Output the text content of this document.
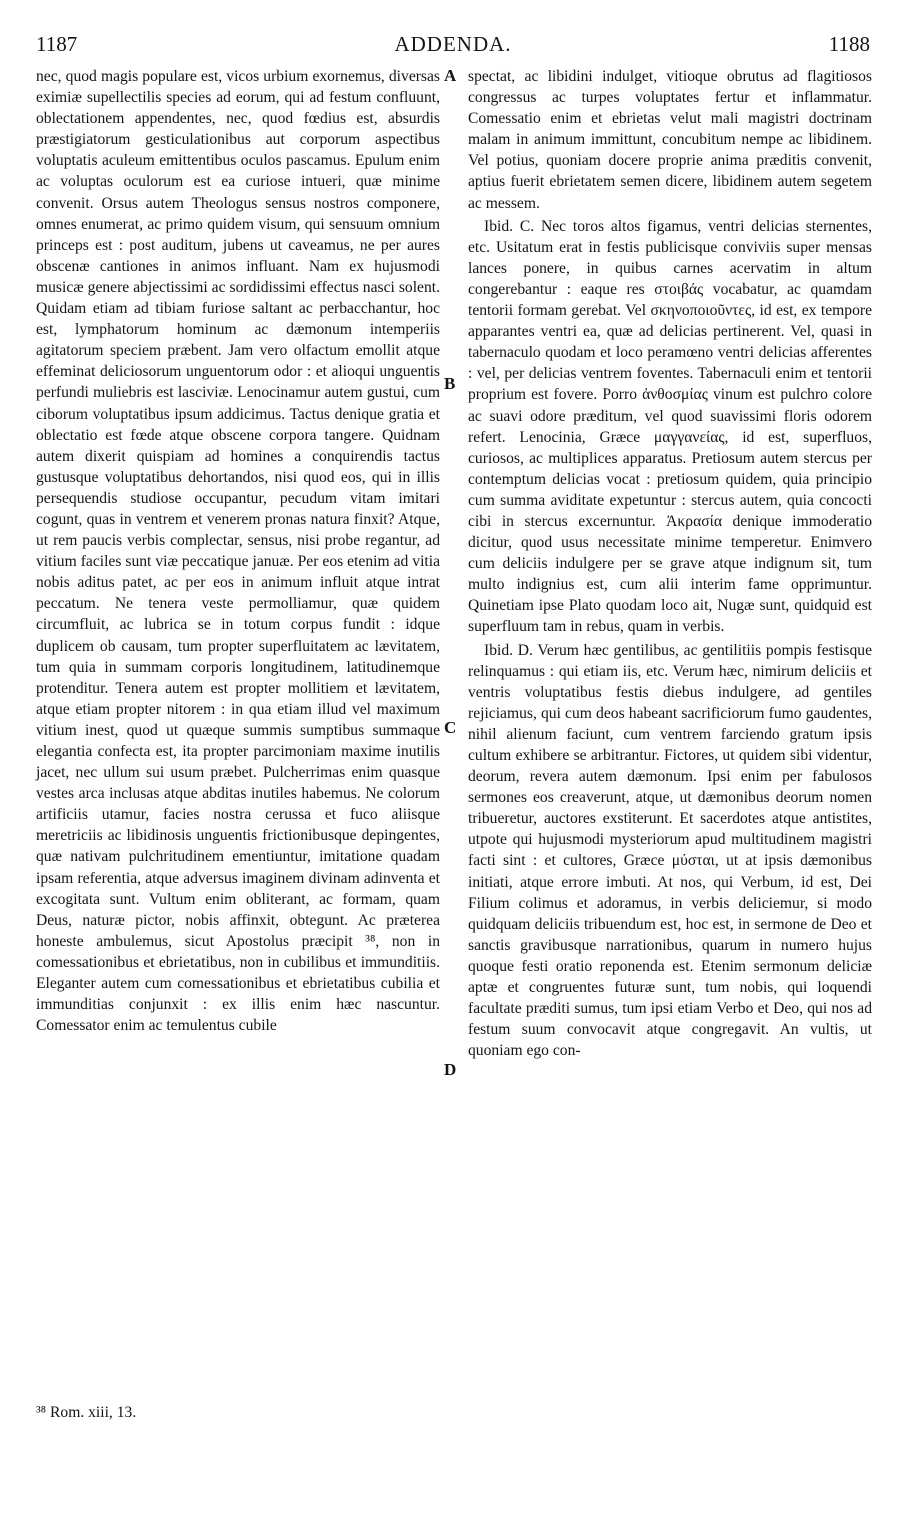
1187	ADDENDA.	1188

nec, quod magis populare est, vicos urbium exornemus, diversas eximiæ supellectilis species ad eorum, qui ad festum confluunt, oblectationem appendentes, nec, quod fœdius est, absurdis præstigiatorum gesticulationibus aut corporum aspectibus voluptatis aculeum emittentibus oculos pascamus. Epulum enim ac voluptas oculorum est ea curiose intueri, quæ minime convenit. Orsus autem Theologus sensus nostros componere, omnes enumerat, ac primo quidem visum, qui sensuum omnium princeps est : post auditum, jubens ut caveamus, ne per aures obscenæ cantiones in animos influant. Nam ex hujusmodi musicæ genere abjectissimi ac sordidissimi effectus nasci solent. Quidam etiam ad tibiam furiose saltant ac perbacchantur, hoc est, lymphatorum hominum ac dæmonum intemperiis agitatorum speciem præbent. Jam vero olfactum emollit atque effeminat deliciosorum unguentorum odor : et alioqui unguentis perfundi muliebris est lasciviæ. Lenocinamur autem gustui, cum ciborum voluptatibus ipsum addicimus. Tactus denique gratia et oblectatio est fœde atque obscene corpora tangere. Quidnam autem dixerit quispiam ad homines a conquirendis tactus gustusque voluptatibus dehortandos, nisi quod eos, qui in illis persequendis studiose occupantur, pecudum vitam imitari cogunt, quas in ventrem et venerem pronas natura finxit? Atque, ut rem paucis verbis complectar, sensus, nisi probe regantur, ad vitium faciles sunt viæ peccatique januæ. Per eos etenim ad vitia nobis aditus patet, ac per eos in animum influit atque intrat peccatum. Ne tenera veste permolliamur, quæ quidem circumfluit, ac lubrica se in totum corpus fundit : idque duplicem ob causam, tum propter superfluitatem ac lævitatem, tum quia in summam corporis longitudinem, latitudinemque protenditur. Tenera autem est propter mollitiem et lævitatem, atque etiam propter nitorem : in qua etiam illud vel maximum vitium inest, quod ut quæque summis sumptibus summaque elegantia confecta est, ita propter parcimoniam maxime inutilis jacet, nec ullum sui usum præbet. Pulcherrimas enim quasque vestes arca inclusas atque abditas inutiles habemus. Ne colorum artificiis utamur, facies nostra cerussa et fuco aliisque meretriciis ac libidinosis unguentis frictionibusque depingentes, quæ nativam pulchritudinem ementiuntur, imitatione quadam ipsam referentia, atque adversus imaginem divinam adinventa et excogitata sunt. Vultum enim obliterant, ac formam, quam Deus, naturæ pictor, nobis affinxit, obtegunt. Ac præterea honeste ambulemus, sicut Apostolus præcipit ³⁸, non in comessationibus et ebrietatibus, non in cubilibus et immunditiis. Eleganter autem cum comessationibus et ebrietatibus cubilia et immunditias conjunxit : ex illis enim hæc nascuntur. Comessator enim ac temulentus cubile

A
B
C
D

spectat, ac libidini indulget, vitioque obrutus ad flagitiosos congressus ac turpes voluptates fertur et inflammatur. Comessatio enim et ebrietas velut mali magistri doctrinam malam in animum immittunt, concubitum nempe ac libidinem. Vel potius, quoniam docere proprie anima præditis convenit, aptius fuerit ebrietatem semen dicere, libidinem autem segetem ac messem.

Ibid. C. Nec toros altos figamus, ventri delicias sternentes, etc. Usitatum erat in festis publicisque conviviis super mensas lances ponere, in quibus carnes acervatim in altum congerebantur : eaque res στοιβάς vocabatur, ac quamdam tentorii formam gerebat. Vel σκηνοποιοῦντες, id est, ex tempore apparantes ventri ea, quæ ad delicias pertinerent. Vel, quasi in tabernaculo quodam et loco peramœno ventri delicias afferentes : vel, per delicias ventrem foventes. Tabernaculi enim et tentorii proprium est fovere. Porro ἀνθοσμίας vinum est pulchro colore ac suavi odore præditum, vel quod suavissimi floris odorem refert. Lenocinia, Græce μαγγανείας, id est, superfluos, curiosos, ac multiplices apparatus. Pretiosum autem stercus per contemptum delicias vocat : pretiosum quidem, quia principio cum summa aviditate expetuntur : stercus autem, quia concocti cibi in stercus excernuntur. Ἀκρασία denique immoderatio dicitur, quod usus necessitate minime temperetur. Enimvero cum deliciis indulgere per se grave atque indignum sit, tum multo indignius est, cum alii interim fame opprimuntur. Quinetiam ipse Plato quodam loco ait, Nugæ sunt, quidquid est superfluum tam in rebus, quam in verbis.

Ibid. D. Verum hæc gentilibus, ac gentilitiis pompis festisque relinquamus : qui etiam iis, etc. Verum hæc, nimirum deliciis et ventris voluptatibus festis diebus indulgere, ad gentiles rejiciamus, qui cum deos habeant sacrificiorum fumo gaudentes, nihil alienum faciunt, cum ventrem farciendo gratum ipsis cultum exhibere se arbitrantur. Fictores, ut quidem sibi videntur, deorum, revera autem dæmonum. Ipsi enim per fabulosos sermones eos creaverunt, atque, ut dæmonibus deorum nomen tribueretur, auctores exstiterunt. Et sacerdotes atque antistites, utpote qui hujusmodi mysteriorum apud multitudinem magistri facti sint : et cultores, Græce μύσται, ut at ipsis dæmonibus initiati, atque errore imbuti. At nos, qui Verbum, id est, Dei Filium colimus et adoramus, in verbis deliciemur, si modo quidquam deliciis tribuendum est, hoc est, in sermone de Deo et sanctis gravibusque narrationibus, quarum in numero hujus quoque festi oratio reponenda est. Etenim sermonum deliciæ aptæ et congruentes futuræ sunt, tum nobis, qui loquendi facultate præditi sumus, tum ipsi etiam Verbo et Deo, qui nos ad festum suum convocavit atque congregavit. An vultis, ut quoniam ego con-

³⁸ Rom. xiii, 13.
